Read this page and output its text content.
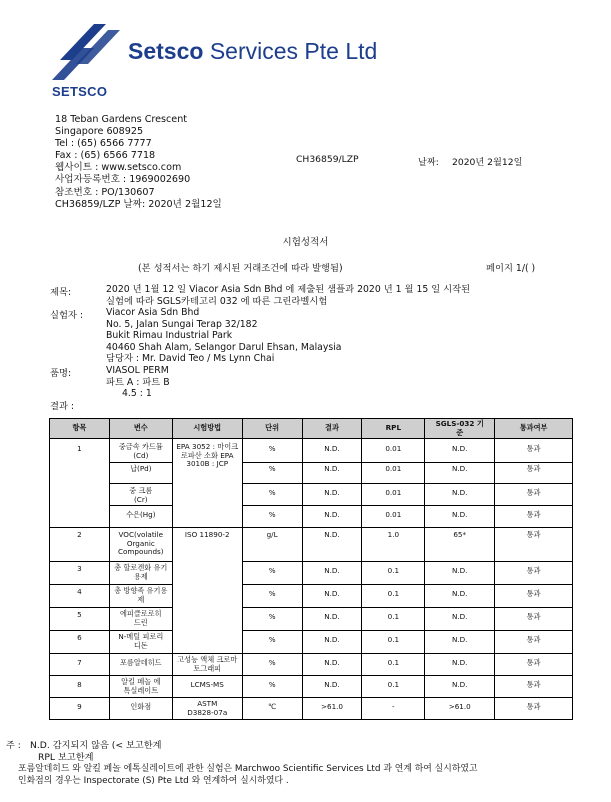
Setsco Services Pte Ltd
SETSCO
18 Teban Gardens Crescent
Singapore 608925
Tel : (65) 6566 7777
Fax : (65) 6566 7718
웹사이트 : www.setsco.com
사업자등록번호 : 1969002690
참조번호 : PO/130607
CH36859/LZP 날짜: 2020년 2월12일
CH36859/LZP	날짜: 2020년 2월12일
시험성적서
(본 성적서는 하기 제시된 거래조건에 따라 발행됨)	페이지 1/( )
제목:	2020 년 1월 12 일 Viacor Asia Sdn Bhd 에 제출된 샘플과 2020 년 1 월 15 일 시작된
실험에 따라 SGLS카테고리 032 에 따른 그린라벨시험
실험자 : Viacor Asia Sdn Bhd
No. 5, Jalan Sungai Terap 32/182
Bukit Rimau Industrial Park
40460 Shah Alam, Selangor Darul Ehsan, Malaysia
담당자 : Mr. David Teo / Ms Lynn Chai
품명:	VIASOL PERM
파트 A : 파트 B
4.5 : 1
결과 :
항목	변수	시험방법	단위	결과	RPL	SGLS-032 기준	통과여부
1	중금속 카드뮴(Cd)	EPA 3052 : 마이크로파산 소화 EPA 3010B : JCP	%	N.D.	0.01	N.D.	통과
	납(Pd)		%	N.D.	0.01	N.D.	통과
	중 크롬 (Cr)		%	N.D.	0.01	N.D.	통과
	수은(Hg)		%	N.D.	0.01	N.D.	통과
2	VOC(volatile Organic Compounds)	ISO 11890-2	g/L	N.D.	1.0	65*	통과
3	총 할로겐화 유기 용제		%	N.D.	0.1	N.D.	통과
4	총 방향족 유기용제		%	N.D.	0.1	N.D.	통과
5	에피클로로히드린		%	N.D.	0.1	N.D.	통과
6	N-메틸 피로리디돈		%	N.D.	0.1	N.D.	통과
7	포름알데히드	고성능 액체 크로마토그래피	%	N.D.	0.1	N.D.	통과
8	알킬 페놀 에톡실레이트	LCMS-MS	%	N.D.	0.1	N.D.	통과
9	인화점	ASTM D3828-07a	℃	>61.0	-	>61.0	통과
주 : N.D. 감지되지 않음 (< 보고한계
RPL 보고한계
포름알데히드 와 알킬 페놀 에톡실레이트에 관한 실험은 Marchwoo Scientific Services Ltd 과 연계 하여 실시하였고
인화점의 경우는 Inspectorate (S) Pte Ltd 와 연계하여 실시하였다 .
